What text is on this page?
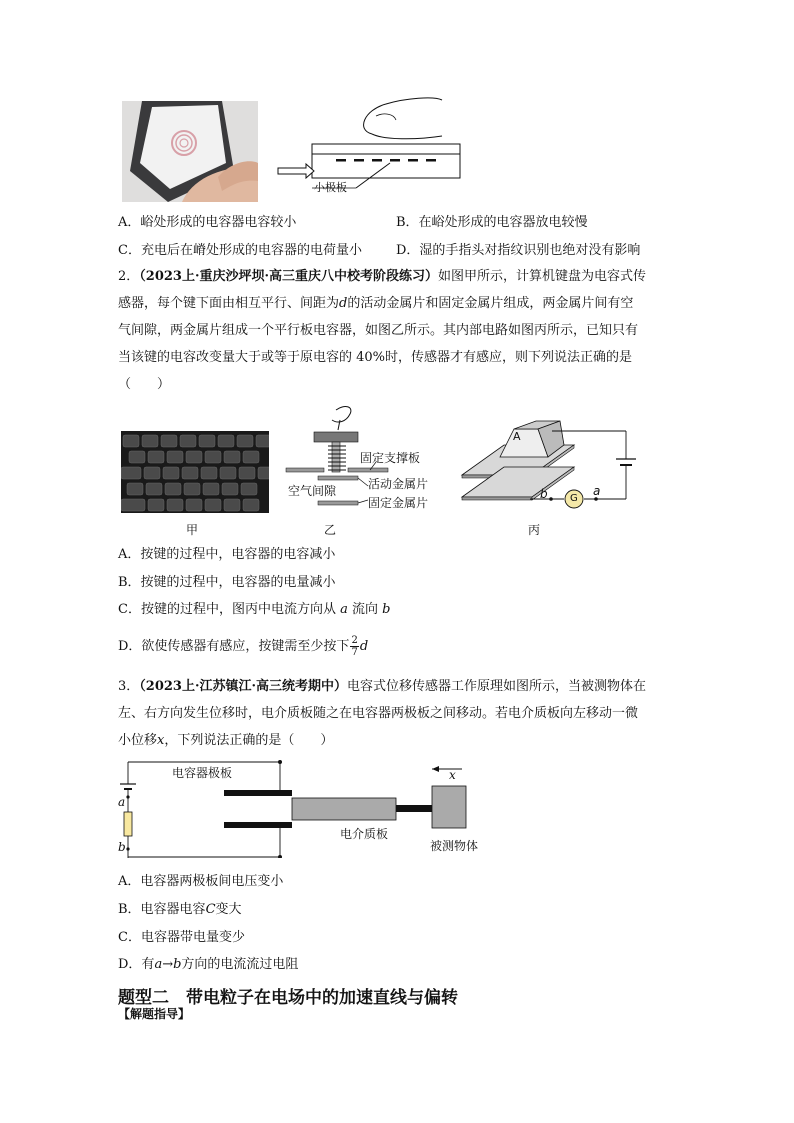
小极板
A．峪处形成的电容器电容较小	B．在峪处形成的电容器放电较慢
C．充电后在嵴处形成的电容器的电荷量小	D．湿的手指头对指纹识别也绝对没有影响
2．（2023上·重庆沙坪坝·高三重庆八中校考阶段练习）如图甲所示，计算机键盘为电容式传
感器，每个键下面由相互平行、间距为d的活动金属片和固定金属片组成，两金属片间有空
气间隙，两金属片组成一个平行板电容器，如图乙所示。其内部电路如图丙所示，已知只有
当该键的电容改变量大于或等于原电容的 40%时，传感器才有感应，则下列说法正确的是
（　　）
固定支撑板
空气间隙	活动金属片
固定金属片
A
b	a
G
甲	乙	丙
A．按键的过程中，电容器的电容减小
B．按键的过程中，电容器的电量减小
C．按键的过程中，图丙中电流方向从 a 流向 b
D．欲使传感器有感应，按键需至少按下 $\frac{2}{7}$ d
3．（2023上·江苏镇江·高三统考期中）电容式位移传感器工作原理如图所示，当被测物体在
左、右方向发生位移时，电介质板随之在电容器两极板之间移动。若电介质板向左移动一微
小位移x，下列说法正确的是（　　）
电容器极板
电介质板
被测物体
x
a
b
A．电容器两极板间电压变小
B．电容器电容C变大
C．电容器带电量变少
D．有a→b方向的电流流过电阻
题型二　带电粒子在电场中的加速直线与偏转
【解题指导】
